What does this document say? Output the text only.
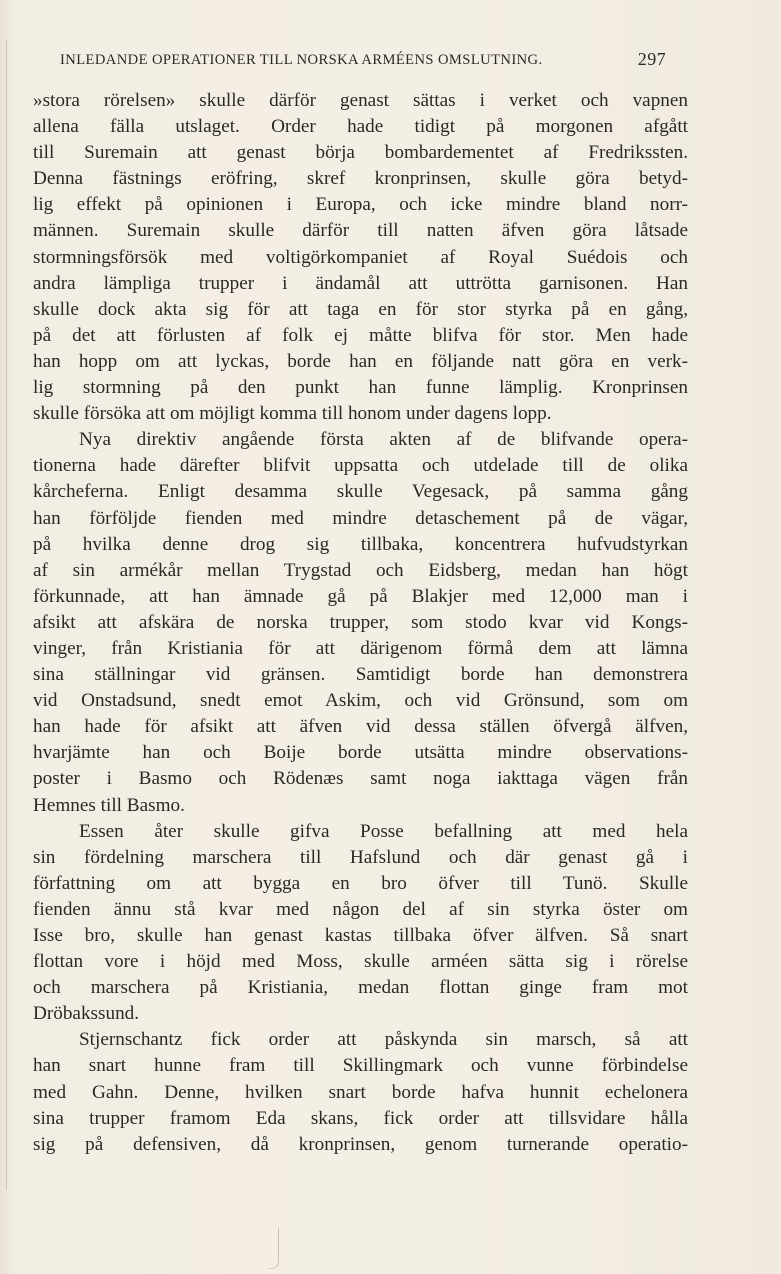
INLEDANDE OPERATIONER TILL NORSKA ARMÉENS OMSLUTNING.	297
»stora rörelsen» skulle därför genast sättas i verket och vapnen
allena fälla utslaget. Order hade tidigt på morgonen afgått
till Suremain att genast börja bombardementet af Fredrikssten.
Denna fästnings eröfring, skref kronprinsen, skulle göra betyd-
lig effekt på opinionen i Europa, och icke mindre bland norr-
männen. Suremain skulle därför till natten äfven göra låtsade
stormningsförsök med voltigörkompaniet af Royal Suédois och
andra lämpliga trupper i ändamål att uttrötta garnisonen. Han
skulle dock akta sig för att taga en för stor styrka på en gång,
på det att förlusten af folk ej måtte blifva för stor. Men hade
han hopp om att lyckas, borde han en följande natt göra en verk-
lig stormning på den punkt han funne lämplig. Kronprinsen
skulle försöka att om möjligt komma till honom under dagens lopp.
Nya direktiv angående första akten af de blifvande opera-
tionerna hade därefter blifvit uppsatta och utdelade till de olika
kårcheferna. Enligt desamma skulle Vegesack, på samma gång
han förföljde fienden med mindre detaschement på de vägar,
på hvilka denne drog sig tillbaka, koncentrera hufvudstyrkan
af sin armékår mellan Trygstad och Eidsberg, medan han högt
förkunnade, att han ämnade gå på Blakjer med 12,000 man i
afsikt att afskära de norska trupper, som stodo kvar vid Kongs-
vinger, från Kristiania för att därigenom förmå dem att lämna
sina ställningar vid gränsen. Samtidigt borde han demonstrera
vid Onstadsund, snedt emot Askim, och vid Grönsund, som om
han hade för afsikt att äfven vid dessa ställen öfvergå älfven,
hvarjämte han och Boije borde utsätta mindre observations-
poster i Basmo och Rödenæs samt noga iakttaga vägen från
Hemnes till Basmo.
Essen åter skulle gifva Posse befallning att med hela
sin fördelning marschera till Hafslund och där genast gå i
författning om att bygga en bro öfver till Tunö. Skulle
fienden ännu stå kvar med någon del af sin styrka öster om
Isse bro, skulle han genast kastas tillbaka öfver älfven. Så snart
flottan vore i höjd med Moss, skulle arméen sätta sig i rörelse
och marschera på Kristiania, medan flottan ginge fram mot
Dröbakssund.
Stjernschantz fick order att påskynda sin marsch, så att
han snart hunne fram till Skillingmark och vunne förbindelse
med Gahn. Denne, hvilken snart borde hafva hunnit echelonera
sina trupper framom Eda skans, fick order att tillsvidare hålla
sig på defensiven, då kronprinsen, genom turnerande operatio-
